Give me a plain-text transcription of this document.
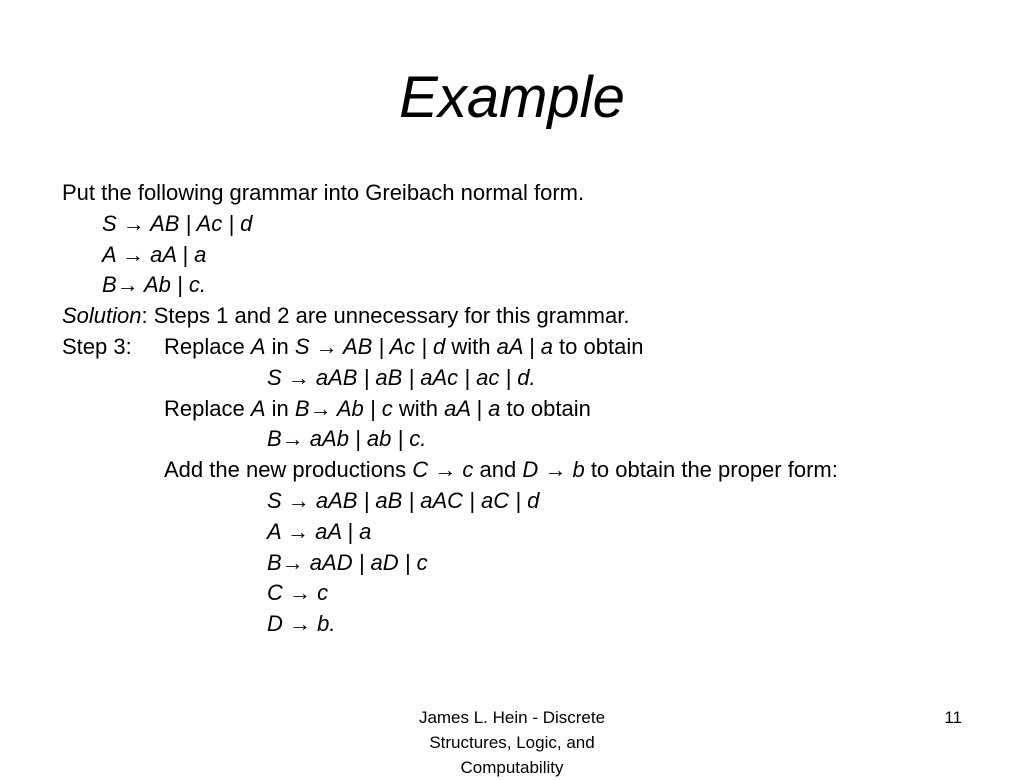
Example
Put the following grammar into Greibach normal form.
S → AB | Ac | d
A → aA | a
B→ Ab | c.
Solution: Steps 1 and 2 are unnecessary for this grammar.
Step 3: Replace A in S → AB | Ac | d with aA | a to obtain
S → aAB | aB | aAc | ac | d.
Replace A in B→ Ab | c with aA | a to obtain
B→ aAb | ab | c.
Add the new productions C → c and D → b to obtain the proper form:
S → aAB | aB | aAC | aC | d
A → aA | a
B→ aAD | aD | c
C → c
D → b.
James L. Hein - Discrete Structures, Logic, and Computability
11
